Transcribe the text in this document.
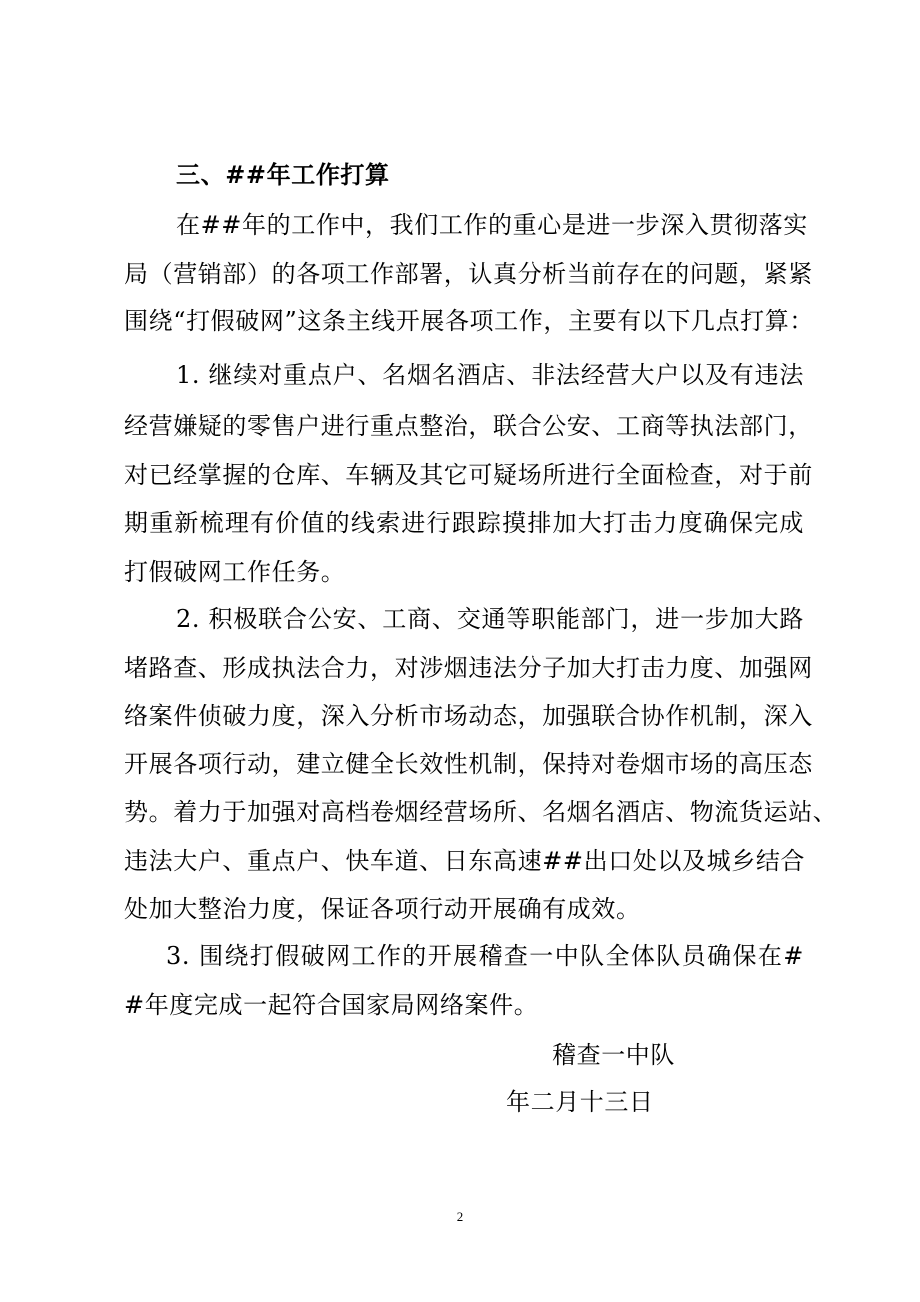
三、##年工作打算
在##年的工作中，我们工作的重心是进一步深入贯彻落实
局（营销部）的各项工作部署，认真分析当前存在的问题，紧紧
围绕“打假破网”这条主线开展各项工作，主要有以下几点打算：
1. 继续对重点户、名烟名酒店、非法经营大户以及有违法
经营嫌疑的零售户进行重点整治，联合公安、工商等执法部门，
对已经掌握的仓库、车辆及其它可疑场所进行全面检查，对于前
期重新梳理有价值的线索进行跟踪摸排加大打击力度确保完成
打假破网工作任务。
2. 积极联合公安、工商、交通等职能部门，进一步加大路
堵路查、形成执法合力，对涉烟违法分子加大打击力度、加强网
络案件侦破力度，深入分析市场动态，加强联合协作机制，深入
开展各项行动，建立健全长效性机制，保持对卷烟市场的高压态
势。着力于加强对高档卷烟经营场所、名烟名酒店、物流货运站、
违法大户、重点户、快车道、日东高速##出口处以及城乡结合
处加大整治力度，保证各项行动开展确有成效。
3. 围绕打假破网工作的开展稽查一中队全体队员确保在#
#年度完成一起符合国家局网络案件。
稽查一中队
年二月十三日
2
